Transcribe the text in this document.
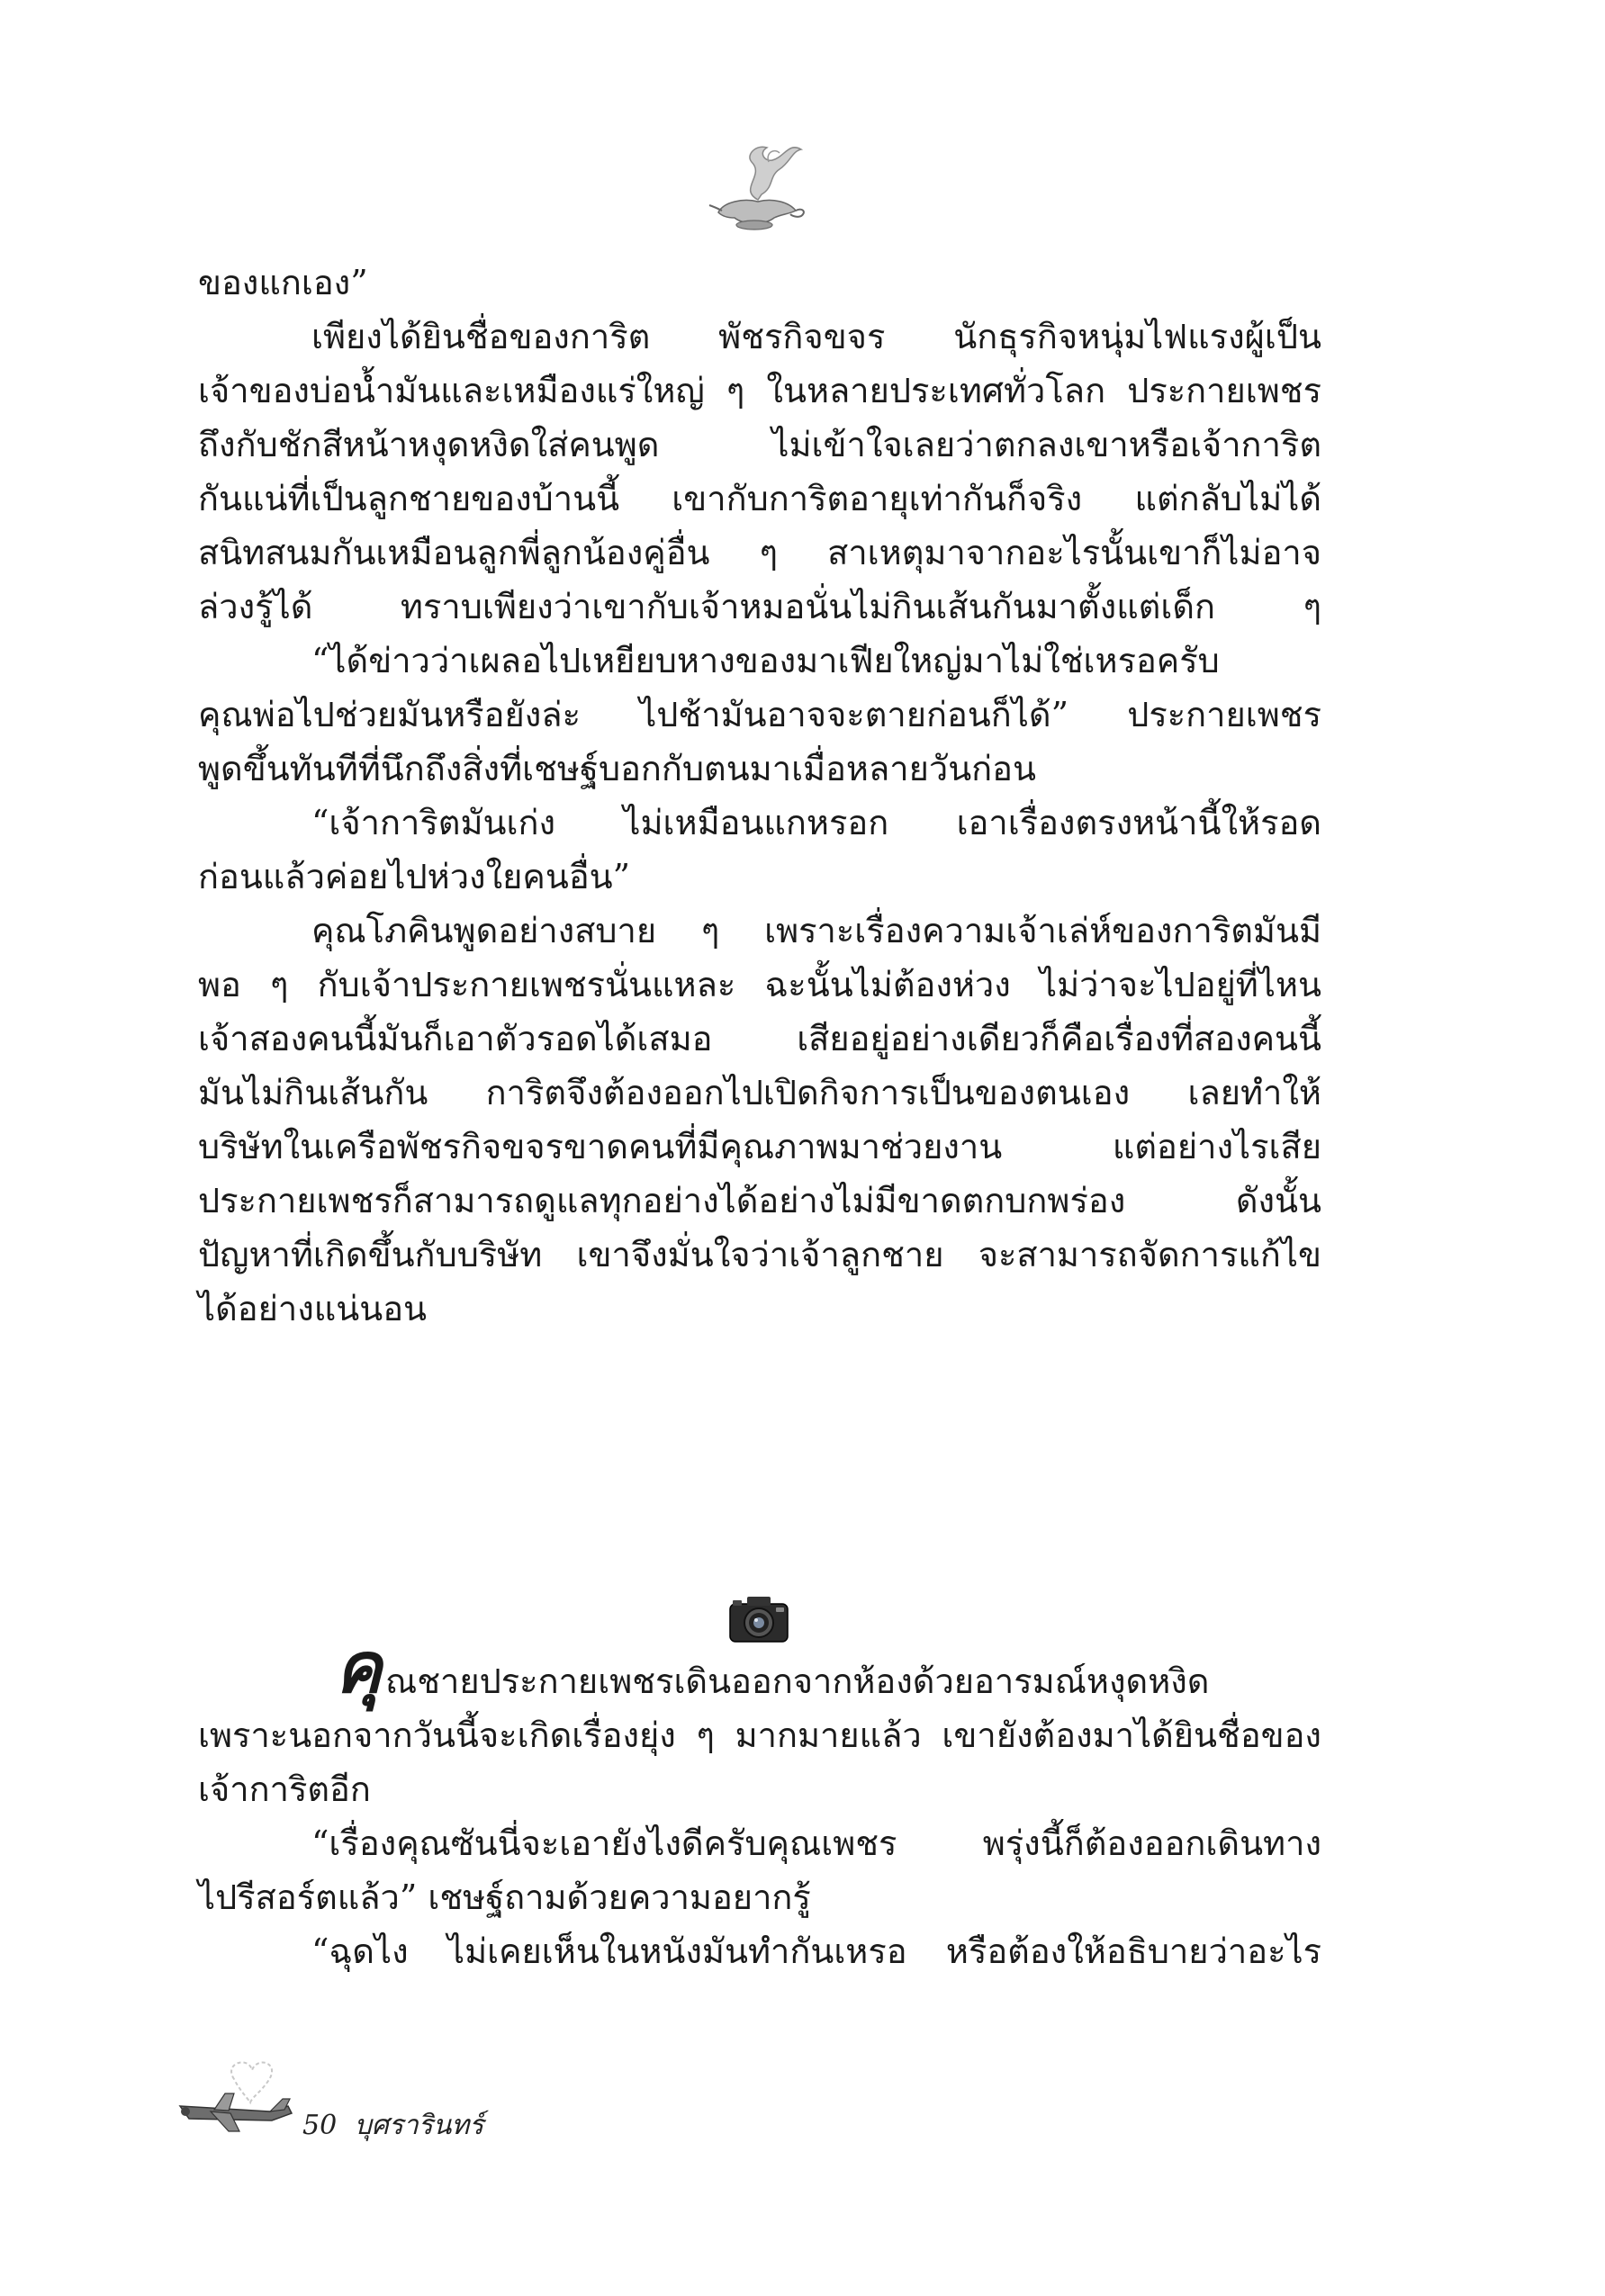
ของแกเอง”
เพียงได้ยินชื่อของการิต พัชรกิจขจร นักธุรกิจหนุ่มไฟแรงผู้เป็น
เจ้าของบ่อน้ำมันและเหมืองแร่ใหญ่ ๆ ในหลายประเทศทั่วโลก ประกายเพชร
ถึงกับชักสีหน้าหงุดหงิดใส่คนพูด ไม่เข้าใจเลยว่าตกลงเขาหรือเจ้าการิต
กันแน่ที่เป็นลูกชายของบ้านนี้ เขากับการิตอายุเท่ากันก็จริง แต่กลับไม่ได้
สนิทสนมกันเหมือนลูกพี่ลูกน้องคู่อื่น ๆ สาเหตุมาจากอะไรนั้นเขาก็ไม่อาจ
ล่วงรู้ได้ ทราบเพียงว่าเขากับเจ้าหมอนั่นไม่กินเส้นกันมาตั้งแต่เด็ก ๆ
“ได้ข่าวว่าเผลอไปเหยียบหางของมาเฟียใหญ่มาไม่ใช่เหรอครับ
คุณพ่อไปช่วยมันหรือยังล่ะ ไปช้ามันอาจจะตายก่อนก็ได้” ประกายเพชร
พูดขึ้นทันทีที่นึกถึงสิ่งที่เชษฐ์บอกกับตนมาเมื่อหลายวันก่อน
“เจ้าการิตมันเก่ง ไม่เหมือนแกหรอก เอาเรื่องตรงหน้านี้ให้รอด
ก่อนแล้วค่อยไปห่วงใยคนอื่น”
คุณโภคินพูดอย่างสบาย ๆ เพราะเรื่องความเจ้าเล่ห์ของการิตมันมี
พอ ๆ กับเจ้าประกายเพชรนั่นแหละ ฉะนั้นไม่ต้องห่วง ไม่ว่าจะไปอยู่ที่ไหน
เจ้าสองคนนี้มันก็เอาตัวรอดได้เสมอ เสียอยู่อย่างเดียวก็คือเรื่องที่สองคนนี้
มันไม่กินเส้นกัน การิตจึงต้องออกไปเปิดกิจการเป็นของตนเอง เลยทำให้
บริษัทในเครือพัชรกิจขจรขาดคนที่มีคุณภาพมาช่วยงาน แต่อย่างไรเสีย
ประกายเพชรก็สามารถดูแลทุกอย่างได้อย่างไม่มีขาดตกบกพร่อง ดังนั้น
ปัญหาที่เกิดขึ้นกับบริษัท เขาจึงมั่นใจว่าเจ้าลูกชาย จะสามารถจัดการแก้ไข
ได้อย่างแน่นอน
คุ ณชายประกายเพชรเดินออกจากห้องด้วยอารมณ์หงุดหงิด
เพราะนอกจากวันนี้จะเกิดเรื่องยุ่ง ๆ มากมายแล้ว เขายังต้องมาได้ยินชื่อของ
เจ้าการิตอีก
“เรื่องคุณซันนี่จะเอายังไงดีครับคุณเพชร พรุ่งนี้ก็ต้องออกเดินทาง
ไปรีสอร์ตแล้ว” เชษฐ์ถามด้วยความอยากรู้
“ฉุดไง ไม่เคยเห็นในหนังมันทำกันเหรอ หรือต้องให้อธิบายว่าอะไร
50 บุศรารินทร์
